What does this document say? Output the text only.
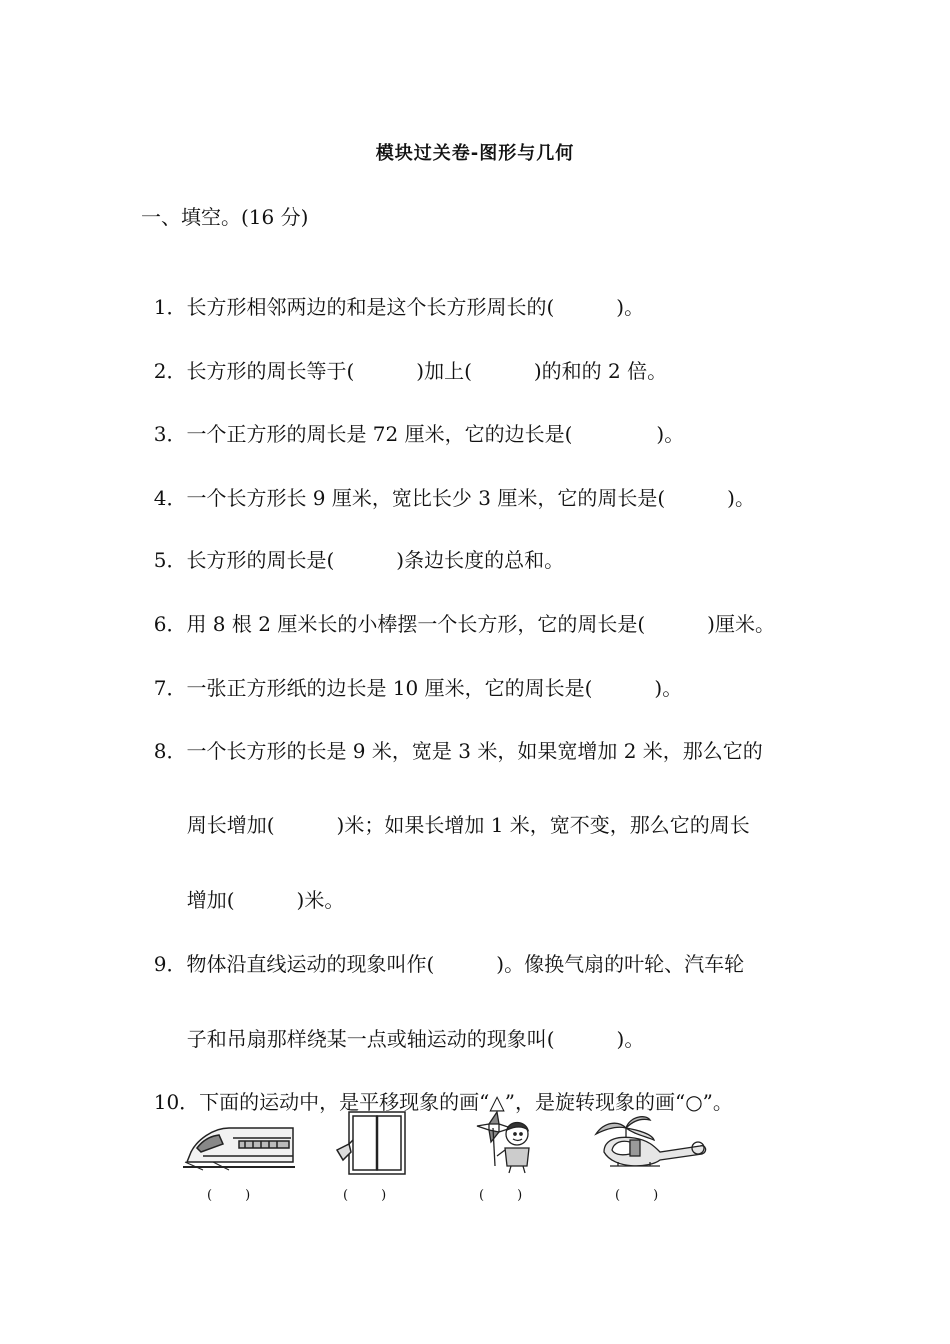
模块过关卷-图形与几何
一、填空。(16 分)

1．长方形相邻两边的和是这个长方形周长的(	)。

2．长方形的周长等于(	)加上(	)的和的 2 倍。

3．一个正方形的周长是 72 厘米，它的边长是(	)。

4．一个长方形长 9 厘米，宽比长少 3 厘米，它的周长是(	)。

5．长方形的周长是(	)条边长度的总和。

6．用 8 根 2 厘米长的小棒摆一个长方形，它的周长是(	)厘米。

7．一张正方形纸的边长是 10 厘米，它的周长是(	)。

8．一个长方形的长是 9 米，宽是 3 米，如果宽增加 2 米，那么它的

周长增加(	)米；如果长增加 1 米，宽不变，那么它的周长

增加(	)米。

9．物体沿直线运动的现象叫作(	)。像换气扇的叶轮、汽车轮

子和吊扇那样绕某一点或轴运动的现象叫(	)。

10．下面的运动中，是平移现象的画“△”，是旋转现象的画“○”。

(        )	(        )	(        )	(        )
